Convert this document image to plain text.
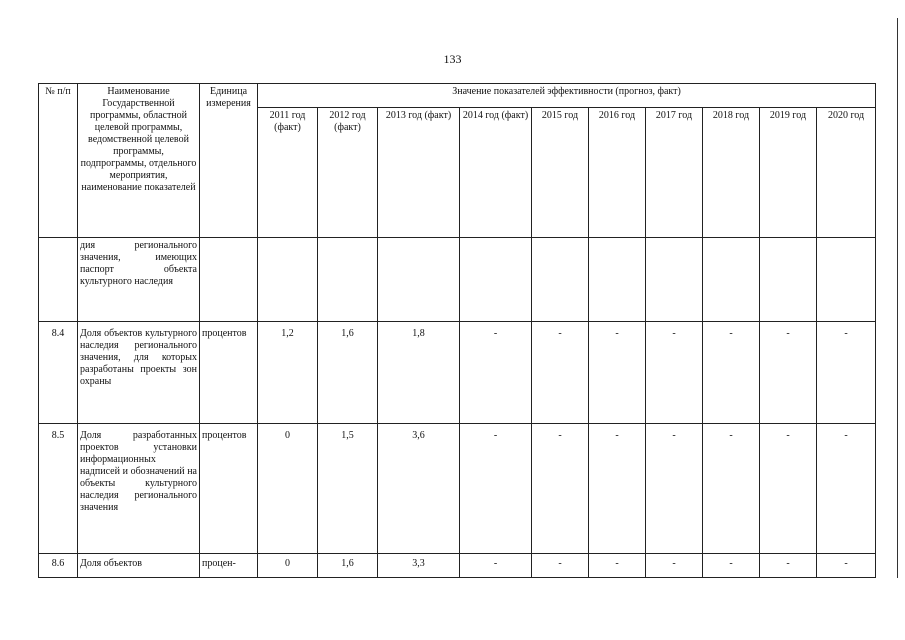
133
№ п/п	Наименование Государственной программы, областной целевой программы, ведомственной целевой программы, подпрограммы, отдельного мероприятия, наименование показателей	Единица измерения	Значение показателей эффективности (прогноз, факт)									
			2011 год (факт)	2012 год (факт)	2013 год (факт)	2014 год (факт)	2015 год	2016 год	2017 год	2018 год	2019 год	2020 год
	дия регионального значения, имеющих паспорт объекта культурного наследия											
8.4	Доля объектов культурного наследия регионального значения, для которых разработаны проекты зон охраны	процентов	1,2	1,6	1,8	-	-	-	-	-	-	-
8.5	Доля разработанных проектов установки информационных надписей и обозначений на объекты культурного наследия регионального значения	процентов	0	1,5	3,6	-	-	-	-	-	-	-
8.6	Доля объектов	процен-	0	1,6	3,3	-	-	-	-	-	-	-
